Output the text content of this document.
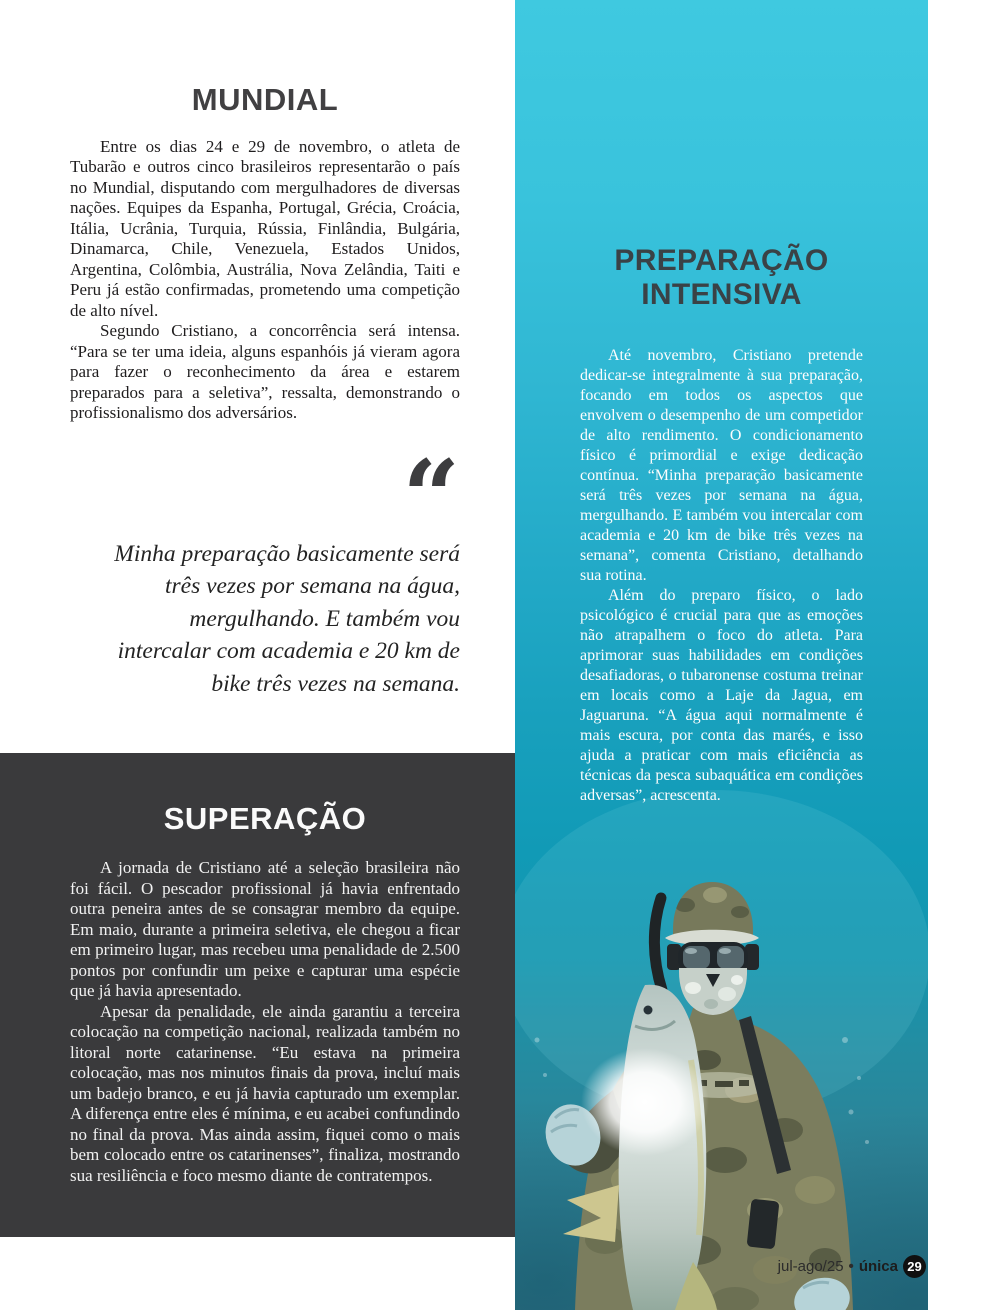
MUNDIAL

Entre os dias 24 e 29 de novembro, o atleta de Tubarão e outros cinco brasileiros representarão o país no Mundial, disputando com mergulhadores de diversas nações. Equipes da Espanha, Portugal, Grécia, Croácia, Itália, Ucrânia, Turquia, Rússia, Finlândia, Bulgária, Dinamarca, Chile, Venezuela, Estados Unidos, Argentina, Colômbia, Austrália, Nova Zelândia, Taiti e Peru já estão confirmadas, prometendo uma competição de alto nível.

Segundo Cristiano, a concorrência será intensa. “Para se ter uma ideia, alguns espanhóis já vieram agora para fazer o reconhecimento da área e estarem preparados para a seletiva”, ressalta, demonstrando o profissionalismo dos adversários.

“

Minha preparação basicamente será três vezes por semana na água, mergulhando. E também vou intercalar com academia e 20 km de bike três vezes na semana.

SUPERAÇÃO

A jornada de Cristiano até a seleção brasileira não foi fácil. O pescador profissional já havia enfrentado outra peneira antes de se consagrar membro da equipe. Em maio, durante a primeira seletiva, ele chegou a ficar em primeiro lugar, mas recebeu uma penalidade de 2.500 pontos por confundir um peixe e capturar uma espécie que já havia apresentado.

Apesar da penalidade, ele ainda garantiu a terceira colocação na competição nacional, realizada também no litoral norte catarinense. “Eu estava na primeira colocação, mas nos minutos finais da prova, incluí mais um badejo branco, e eu já havia capturado um exemplar. A diferença entre eles é mínima, e eu acabei confundindo no final da prova. Mas ainda assim, fiquei como o mais bem colocado entre os catarinenses”, finaliza, mostrando sua resiliência e foco mesmo diante de contratempos.

PREPARAÇÃO INTENSIVA

Até novembro, Cristiano pretende dedicar-se integralmente à sua preparação, focando em todos os aspectos que envolvem o desempenho de um competidor de alto rendimento. O condicionamento físico é primordial e exige dedicação contínua. “Minha preparação basicamente será três vezes por semana na água, mergulhando. E também vou intercalar com academia e 20 km de bike três vezes na semana”, comenta Cristiano, detalhando sua rotina.

Além do preparo físico, o lado psicológico é crucial para que as emoções não atrapalhem o foco do atleta. Para aprimorar suas habilidades em condições desafiadoras, o tubaronense costuma treinar em locais como a Laje da Jagua, em Jaguaruna. “A água aqui normalmente é mais escura, por conta das marés, e isso ajuda a praticar com mais eficiência as técnicas da pesca subaquática em condições adversas”, acrescenta.

jul-ago/25 • única 29
